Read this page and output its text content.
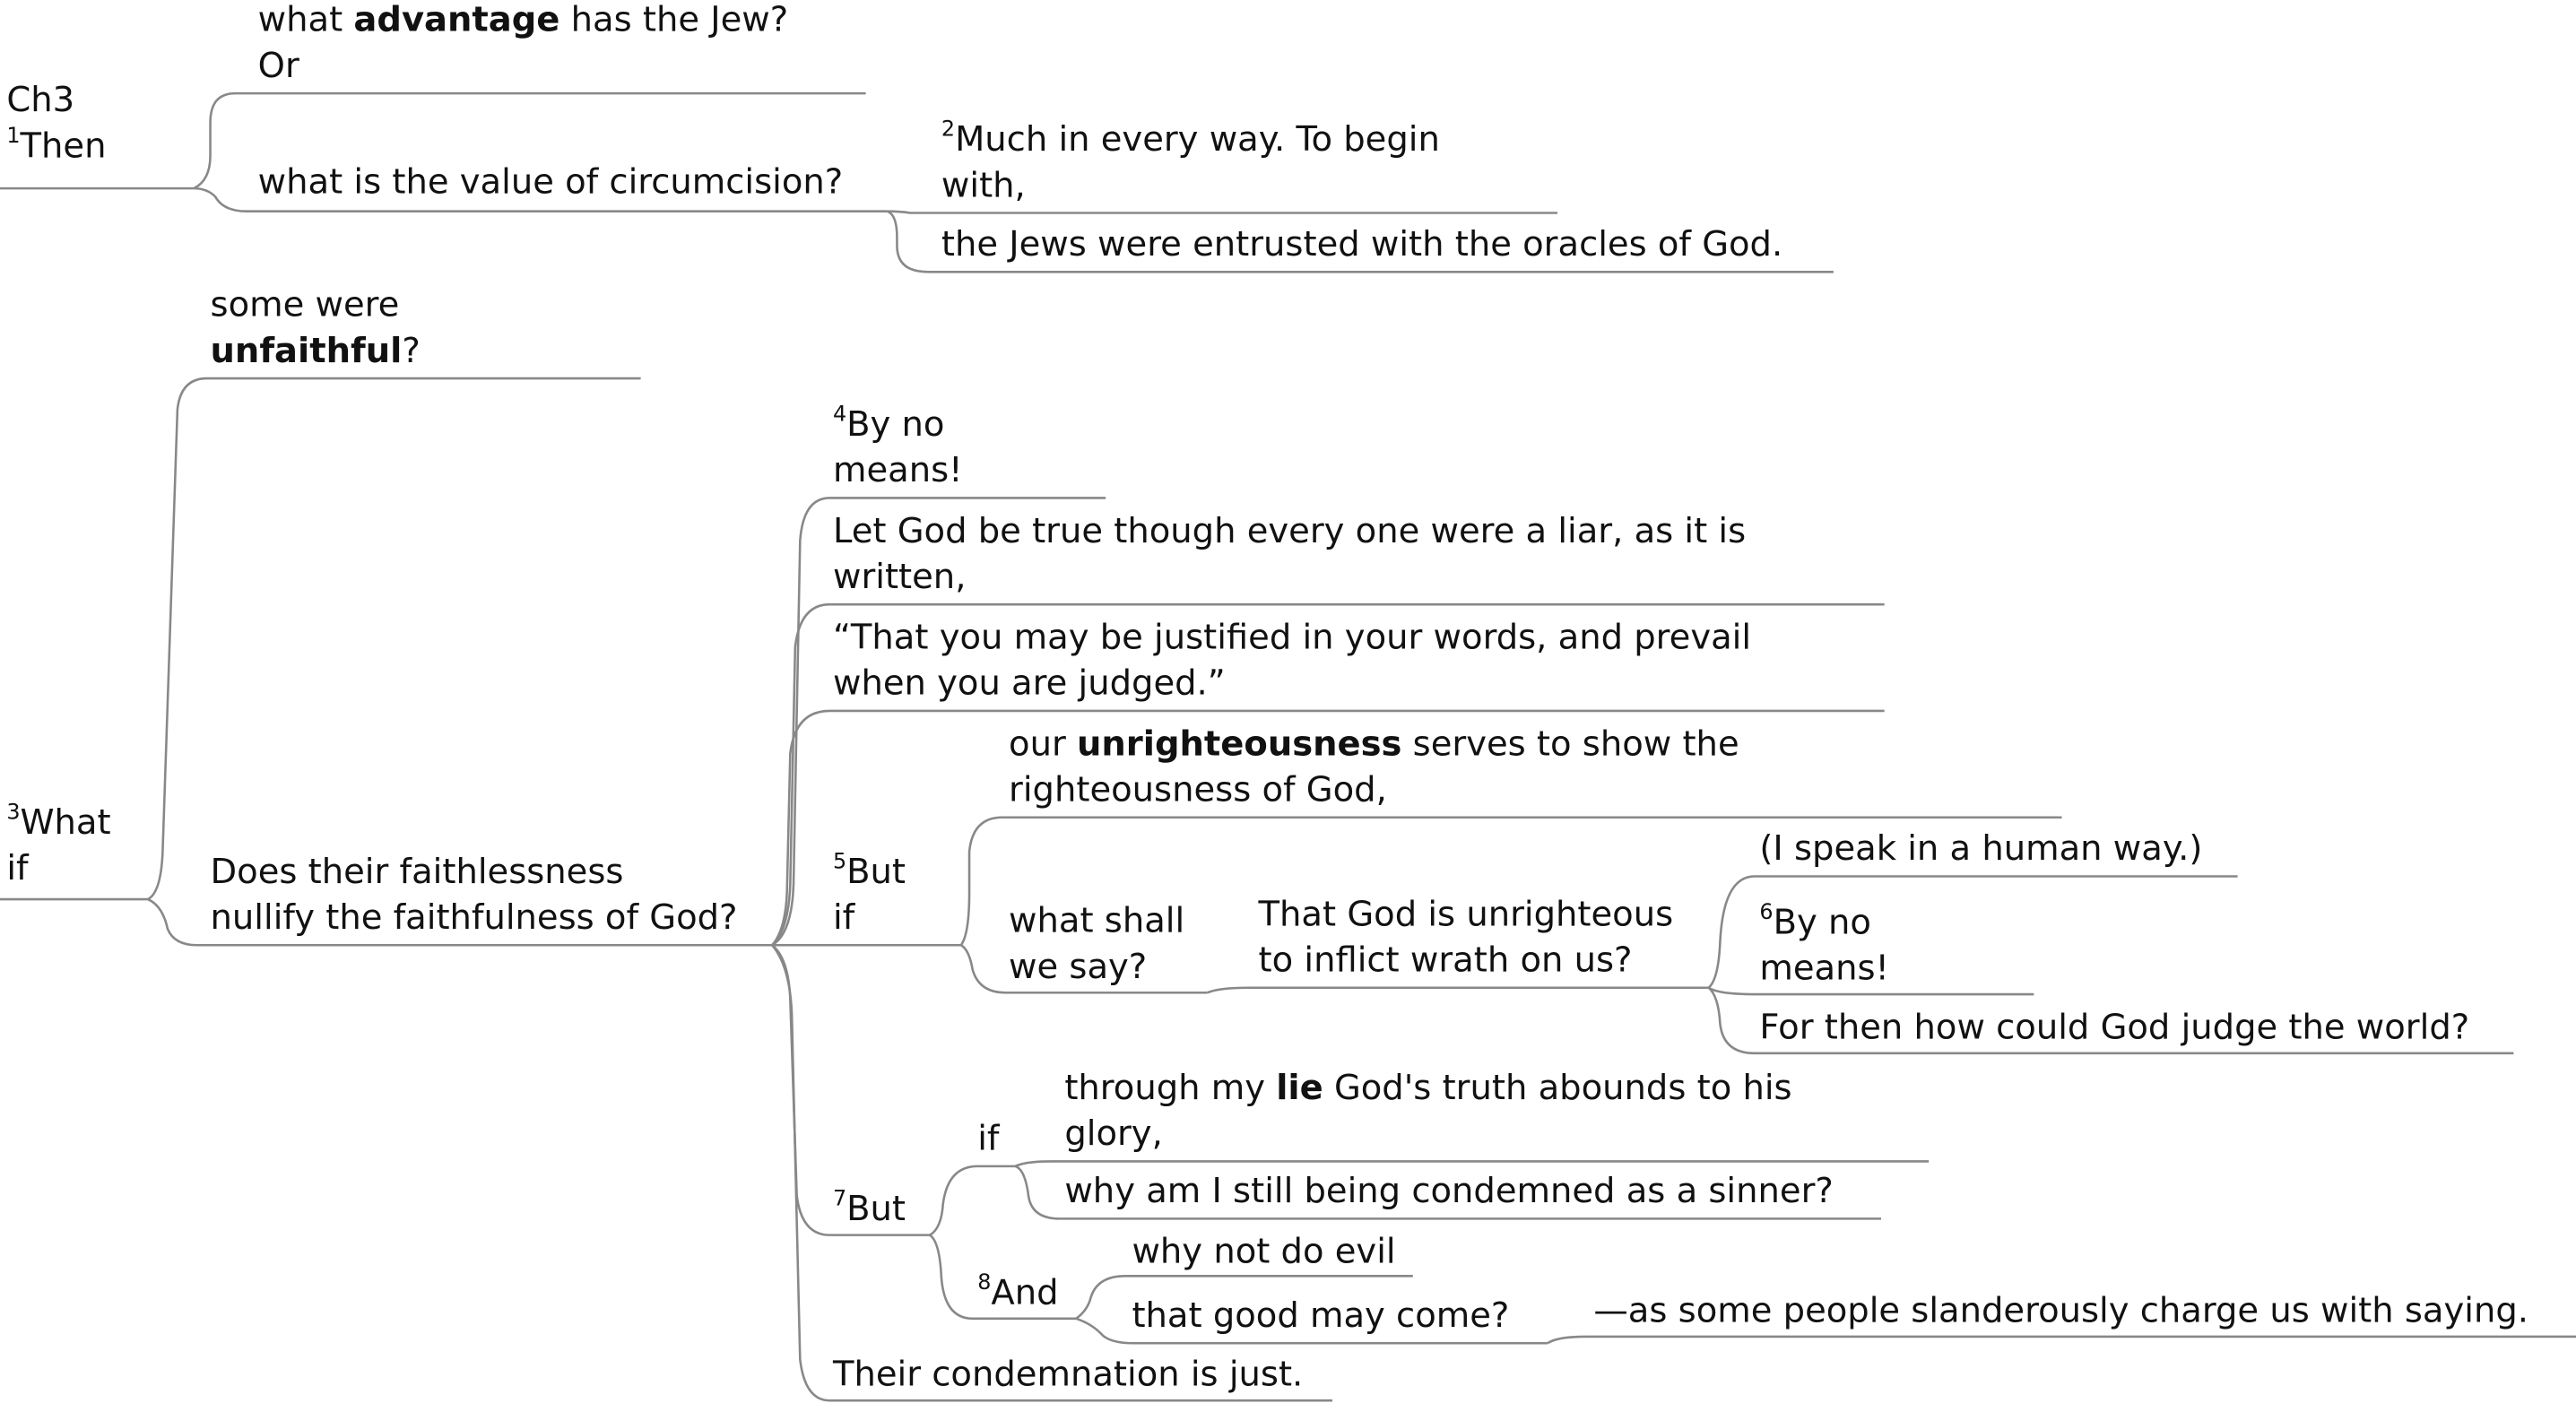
Ch3
$^1$Then
what advantage has the Jew?
Or
what is the value of circumcision?
$^2$Much in every way. To begin
with,
the Jews were entrusted with the oracles of God.
$^3$What
if
some were
unfaithful?
Does their faithlessness
nullify the faithfulness of God?
$^4$By no
means!
Let God be true though every one were a liar, as it is
written,
“That you may be justified in your words, and prevail
when you are judged.”
$^5$But
if
our unrighteousness serves to show the
righteousness of God,
what shall
we say?
That God is unrighteous
to inflict wrath on us?
(I speak in a human way.)
$^6$By no
means!
For then how could God judge the world?
$^7$But
if
through my lie God's truth abounds to his
glory,
why am I still being condemned as a sinner?
$^8$And
why not do evil
that good may come?	—as some people slanderously charge us with saying.
Their condemnation is just.
